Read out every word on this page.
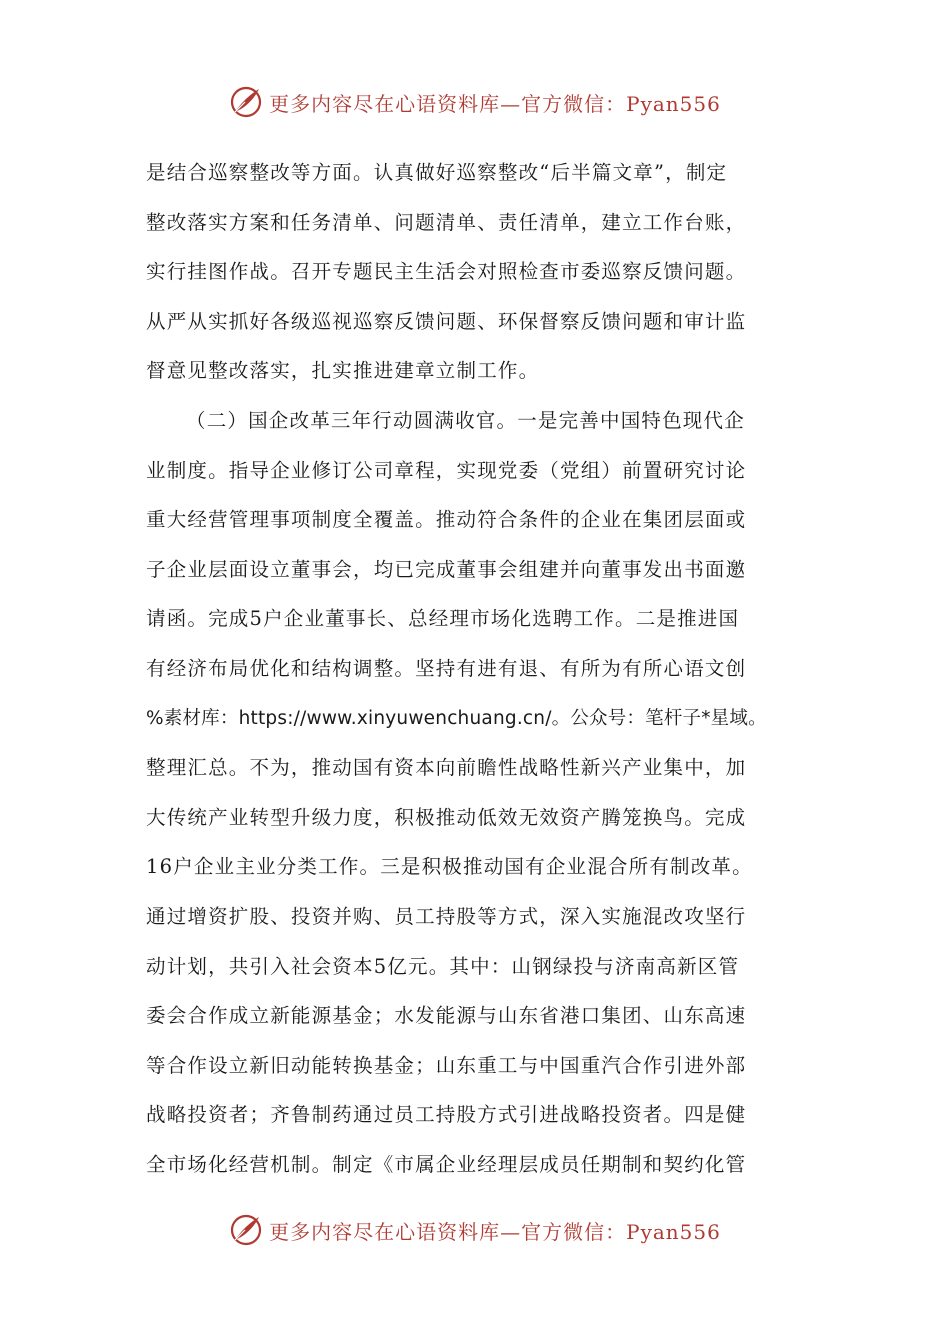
更多内容尽在心语资料库—官方微信：Pyan556
是结合巡察整改等方面。认真做好巡察整改“后半篇文章”，制定
整改落实方案和任务清单、问题清单、责任清单，建立工作台账，
实行挂图作战。召开专题民主生活会对照检查市委巡察反馈问题。
从严从实抓好各级巡视巡察反馈问题、环保督察反馈问题和审计监
督意见整改落实，扎实推进建章立制工作。
（二）国企改革三年行动圆满收官。一是完善中国特色现代企
业制度。指导企业修订公司章程，实现党委（党组）前置研究讨论
重大经营管理事项制度全覆盖。推动符合条件的企业在集团层面或
子企业层面设立董事会，均已完成董事会组建并向董事发出书面邀
请函。完成5户企业董事长、总经理市场化选聘工作。二是推进国
有经济布局优化和结构调整。坚持有进有退、有所为有所心语文创
%素材库：https://www.xinyuwenchuang.cn/。公众号：笔杆子*星域。
整理汇总。不为，推动国有资本向前瞻性战略性新兴产业集中，加
大传统产业转型升级力度，积极推动低效无效资产腾笼换鸟。完成
16户企业主业分类工作。三是积极推动国有企业混合所有制改革。
通过增资扩股、投资并购、员工持股等方式，深入实施混改攻坚行
动计划，共引入社会资本5亿元。其中：山钢绿投与济南高新区管
委会合作成立新能源基金；水发能源与山东省港口集团、山东高速
等合作设立新旧动能转换基金；山东重工与中国重汽合作引进外部
战略投资者；齐鲁制药通过员工持股方式引进战略投资者。四是健
全市场化经营机制。制定《市属企业经理层成员任期制和契约化管
更多内容尽在心语资料库—官方微信：Pyan556
